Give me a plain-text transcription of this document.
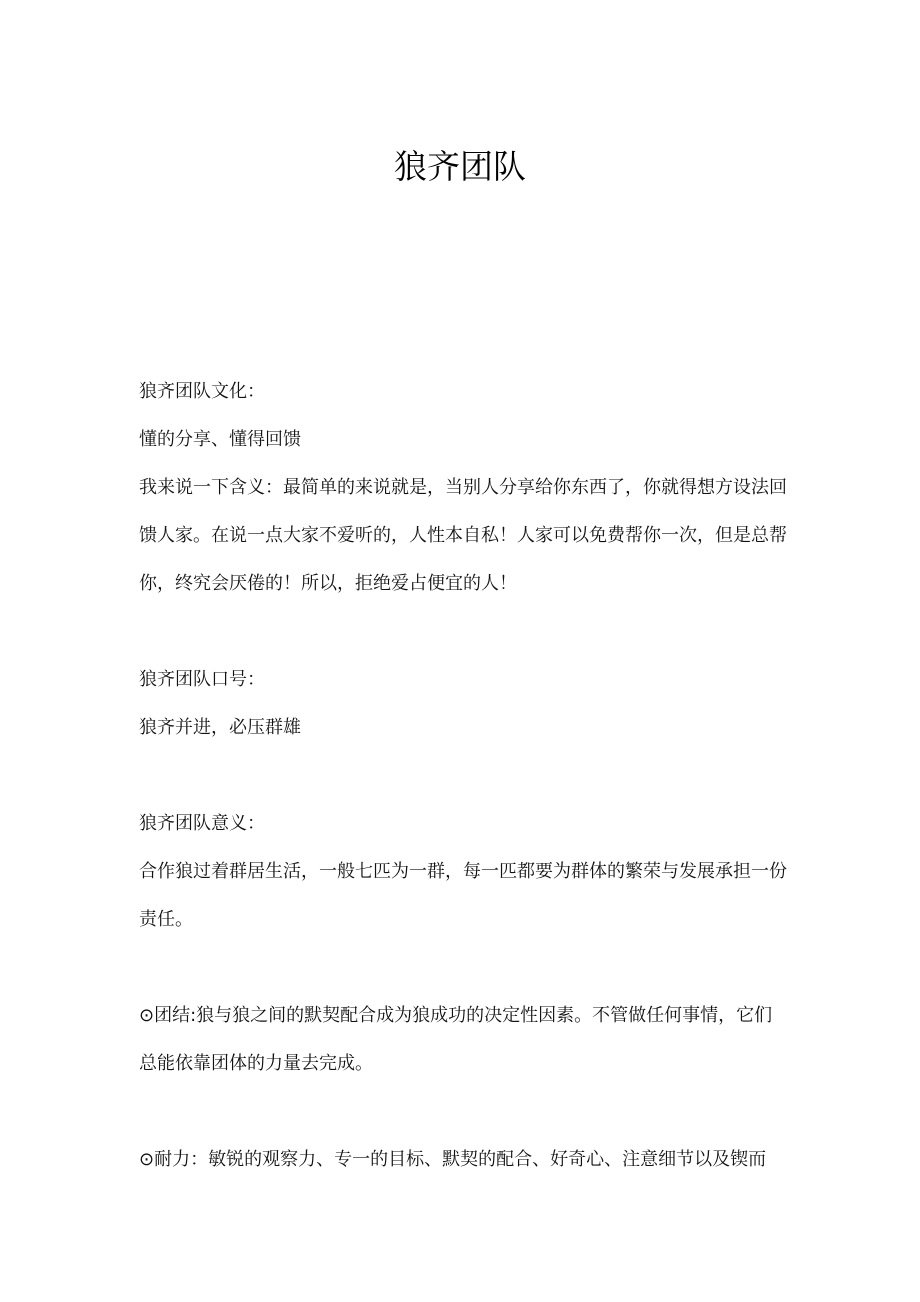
狼齐团队

狼齐团队文化：

懂的分享、懂得回馈

我来说一下含义：最简单的来说就是，当别人分享给你东西了，你就得想方设法回馈人家。在说一点大家不爱听的，人性本自私！人家可以免费帮你一次，但是总帮你，终究会厌倦的！所以，拒绝爱占便宜的人！

狼齐团队口号：

狼齐并进，必压群雄

狼齐团队意义：

合作狼过着群居生活，一般七匹为一群，每一匹都要为群体的繁荣与发展承担一份责任。

⊙团结:狼与狼之间的默契配合成为狼成功的决定性因素。不管做任何事情，它们总能依靠团体的力量去完成。

⊙耐力：敏锐的观察力、专一的目标、默契的配合、好奇心、注意细节以及锲而
